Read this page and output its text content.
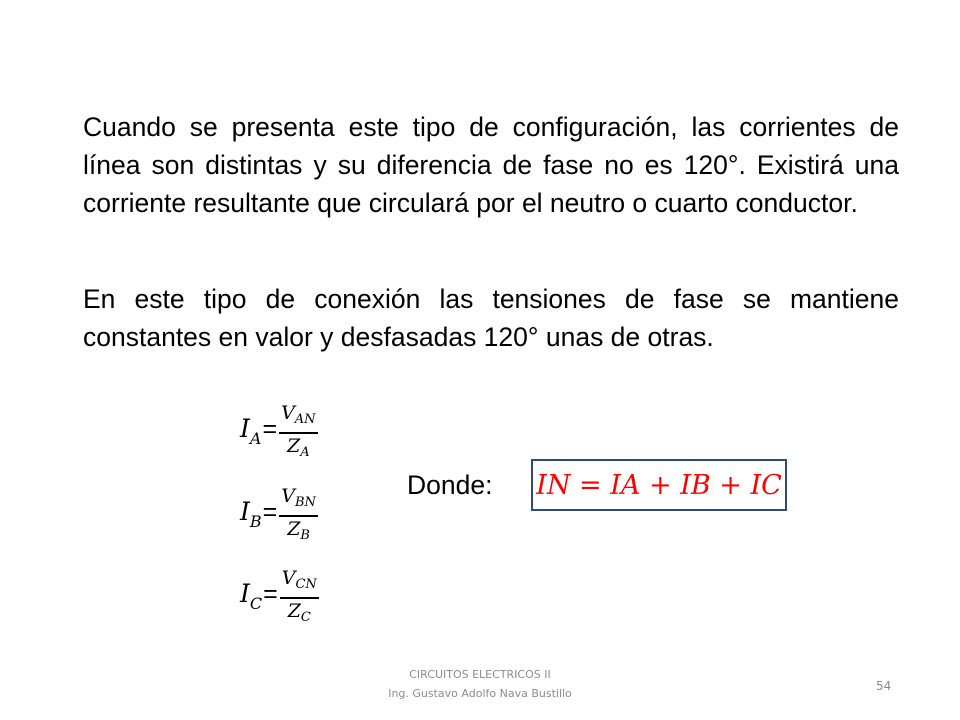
Cuando se presenta este tipo de configuración, las corrientes de línea son distintas y su diferencia de fase no es 120°. Existirá una corriente resultante que circulará por el neutro o cuarto conductor.

En este tipo de conexión las tensiones de fase se mantiene constantes en valor y desfasadas 120° unas de otras.

$I_A= \frac{V_{AN}}{Z_A}$
$I_B= \frac{V_{BN}}{Z_B}$
$I_C= \frac{V_{CN}}{Z_C}$
Donde: 𝐼𝑁 = 𝐼𝐴 + 𝐼𝐵 + 𝐼𝐶
CIRCUITOS ELECTRICOS II
Ing. Gustavo Adolfo Nava Bustillo
54
